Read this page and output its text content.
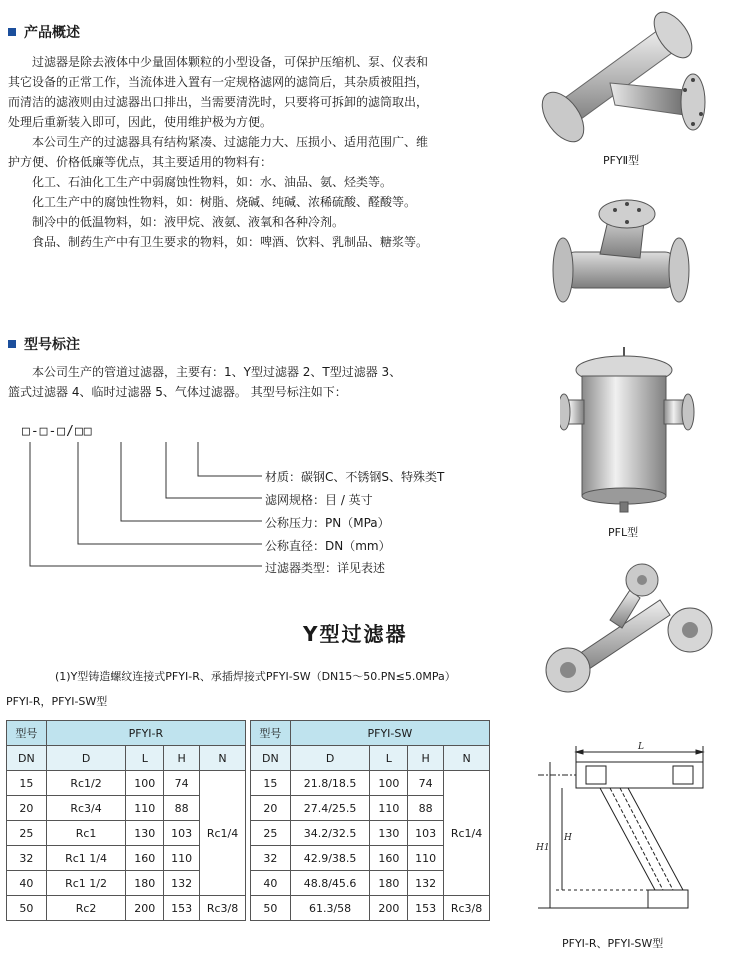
产品概述

过滤器是除去液体中少量固体颗粒的小型设备，可保护压缩机、泵、仪表和

其它设备的正常工作，当流体进入置有一定规格滤网的滤筒后，其杂质被阻挡，

而清洁的滤液则由过滤器出口排出，当需要清洗时，只要将可拆卸的滤筒取出，

处理后重新装入即可，因此，使用维护极为方便。

本公司生产的过滤器具有结构紧凑、过滤能力大、压损小、适用范围广、维

护方便、价格低廉等优点，其主要适用的物料有：

化工、石油化工生产中弱腐蚀性物料，如：水、油品、氨、烃类等。

化工生产中的腐蚀性物料，如：树脂、烧碱、纯碱、浓稀硫酸、醛酸等。

制冷中的低温物料，如：液甲烷、液氨、液氧和各种冷剂。

食品、制药生产中有卫生要求的物料，如：啤酒、饮料、乳制品、糖浆等。

型号标注

本公司生产的管道过滤器，主要有：1、Y型过滤器 2、T型过滤器 3、

篮式过滤器 4、临时过滤器 5、气体过滤器。 其型号标注如下：

□-□-□/□□
材质：碳钢C、不锈钢S、特殊类T
滤网规格：目 / 英寸
公称压力：PN（MPa）
公称直径：DN（mm）
过滤器类型：详见表述
Y型过滤器
(1)Y型铸造螺纹连接式PFYⅠ-R、承插焊接式PFYⅠ-SW（DN15～50.PN≤5.0MPa）
PFYⅠ-R，PFYⅠ-SW型
型号	PFYⅠ-R			
DN	D	L	H	N
15	Rc1/2	100	74	Rc1/4
20	Rc3/4	110	88	
25	Rc1	130	103	
32	Rc1 1/4	160	110	
40	Rc1 1/2	180	132	
50	Rc2	200	153	Rc3/8
型号	PFYⅠ-SW			
DN	D	L	H	N
15	21.8/18.5	100	74	Rc1/4
20	27.4/25.5	110	88	
25	34.2/32.5	130	103	
32	42.9/38.5	160	110	
40	48.8/45.6	180	132	
50	61.3/58	200	153	Rc3/8
PFYⅡ型
PFL型
L
H
H1
PFYⅠ-R、PFYⅠ-SW型
